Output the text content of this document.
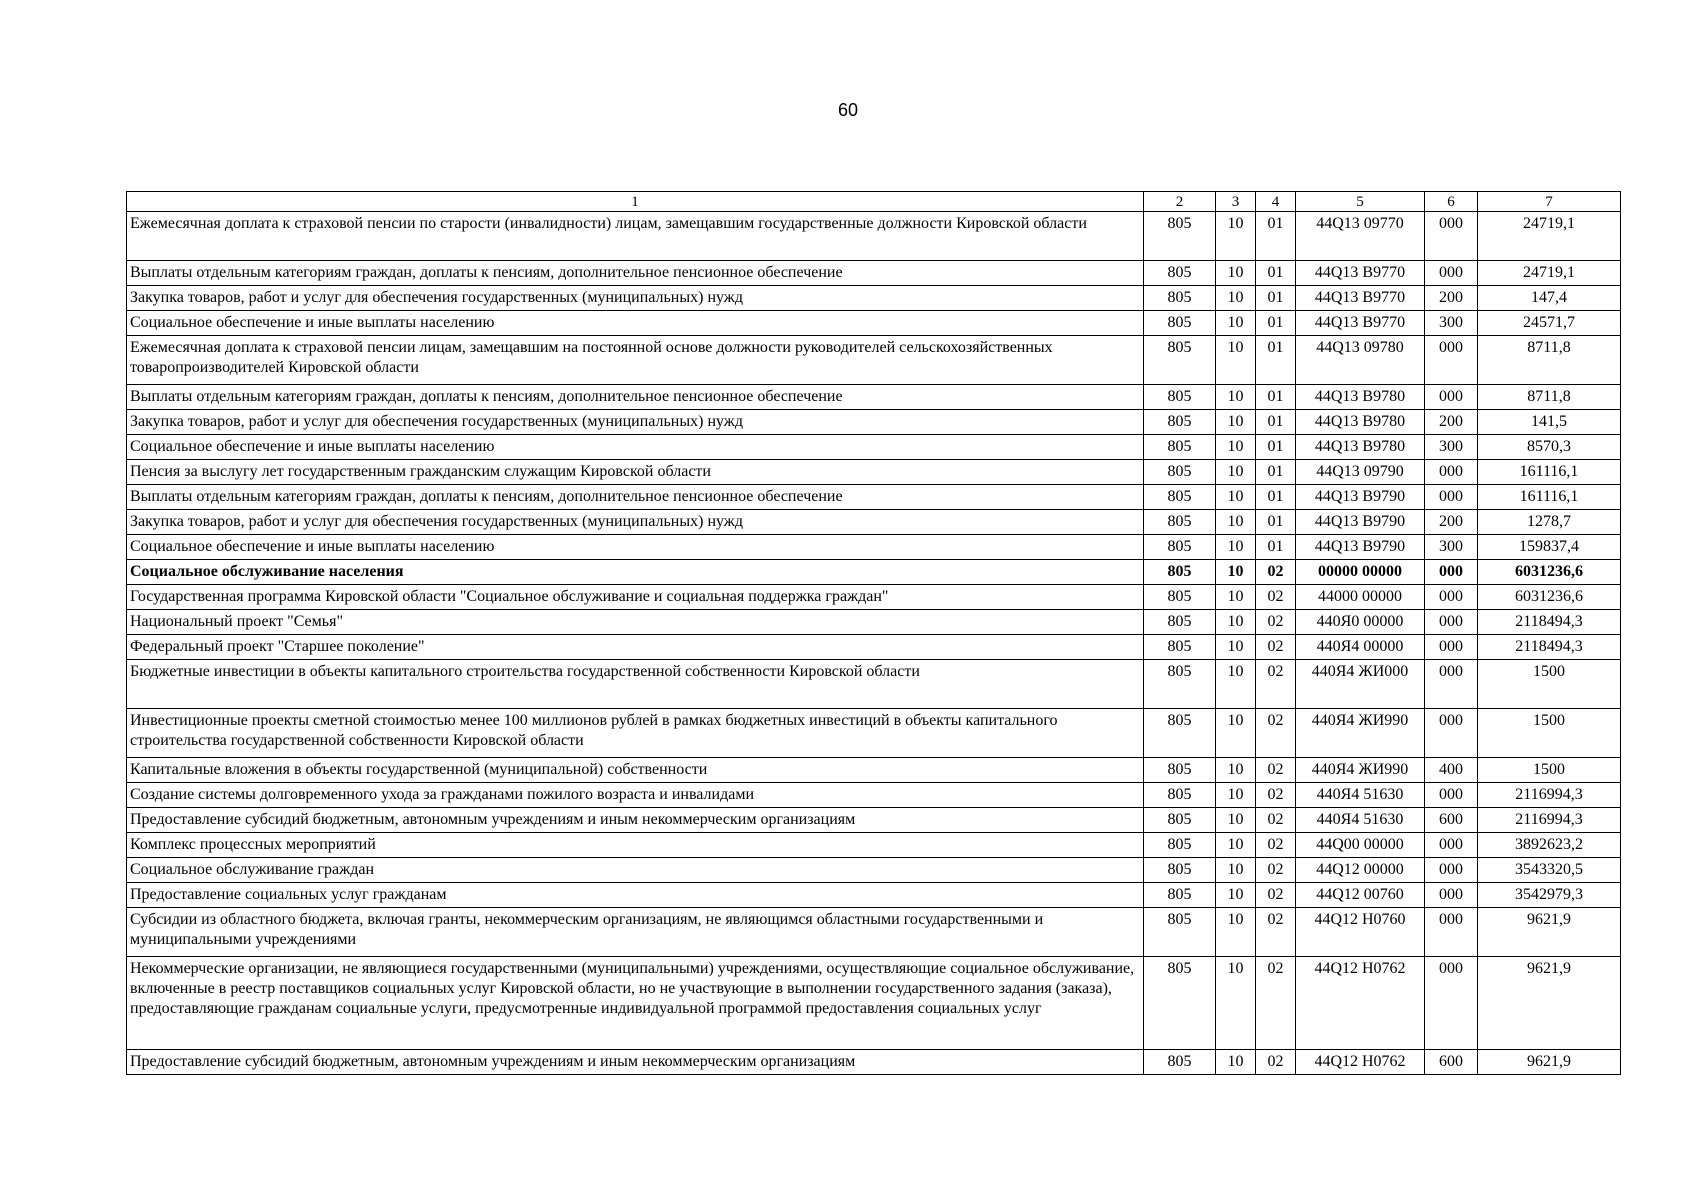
60
1	2	3	4	5	6	7
Ежемесячная доплата к страховой пенсии по старости (инвалидности) лицам, замещавшим государственные должности Кировской области	805	10	01	44Q13 09770	000	24719,1
Выплаты отдельным категориям граждан, доплаты к пенсиям, дополнительное пенсионное обеспечение	805	10	01	44Q13 B9770	000	24719,1
Закупка товаров, работ и услуг для обеспечения государственных (муниципальных) нужд	805	10	01	44Q13 B9770	200	147,4
Социальное обеспечение и иные выплаты населению	805	10	01	44Q13 B9770	300	24571,7
Ежемесячная доплата к страховой пенсии лицам, замещавшим на постоянной основе должности руководителей сельскохозяйственных товаропроизводителей Кировской области	805	10	01	44Q13 09780	000	8711,8
Выплаты отдельным категориям граждан, доплаты к пенсиям, дополнительное пенсионное обеспечение	805	10	01	44Q13 B9780	000	8711,8
Закупка товаров, работ и услуг для обеспечения государственных (муниципальных) нужд	805	10	01	44Q13 B9780	200	141,5
Социальное обеспечение и иные выплаты населению	805	10	01	44Q13 B9780	300	8570,3
Пенсия за выслугу лет государственным гражданским служащим Кировской области	805	10	01	44Q13 09790	000	161116,1
Выплаты отдельным категориям граждан, доплаты к пенсиям, дополнительное пенсионное обеспечение	805	10	01	44Q13 B9790	000	161116,1
Закупка товаров, работ и услуг для обеспечения государственных (муниципальных) нужд	805	10	01	44Q13 B9790	200	1278,7
Социальное обеспечение и иные выплаты населению	805	10	01	44Q13 B9790	300	159837,4
Социальное обслуживание населения	805	10	02	00000 00000	000	6031236,6
Государственная программа Кировской области "Социальное обслуживание и социальная поддержка граждан"	805	10	02	44000 00000	000	6031236,6
Национальный проект "Семья"	805	10	02	440Я0 00000	000	2118494,3
Федеральный проект "Старшее поколение"	805	10	02	440Я4 00000	000	2118494,3
Бюджетные инвестиции в объекты капитального строительства государственной собственности Кировской области	805	10	02	440Я4 ЖИ000	000	1500
Инвестиционные проекты сметной стоимостью менее 100 миллионов рублей в рамках бюджетных инвестиций в объекты капитального строительства государственной собственности Кировской области	805	10	02	440Я4 ЖИ990	000	1500
Капитальные вложения в объекты государственной (муниципальной) собственности	805	10	02	440Я4 ЖИ990	400	1500
Создание системы долговременного ухода за гражданами пожилого возраста и инвалидами	805	10	02	440Я4 51630	000	2116994,3
Предоставление субсидий бюджетным, автономным учреждениям и иным некоммерческим организациям	805	10	02	440Я4 51630	600	2116994,3
Комплекс процессных мероприятий	805	10	02	44Q00 00000	000	3892623,2
Социальное обслуживание граждан	805	10	02	44Q12 00000	000	3543320,5
Предоставление социальных услуг гражданам	805	10	02	44Q12 00760	000	3542979,3
Субсидии из областного бюджета, включая гранты, некоммерческим организациям, не являющимся областными государственными и муниципальными учреждениями	805	10	02	44Q12 H0760	000	9621,9
Некоммерческие организации, не являющиеся государственными (муниципальными) учреждениями, осуществляющие социальное обслуживание, включенные в реестр поставщиков социальных услуг Кировской области, но не участвующие в выполнении государственного задания (заказа), предоставляющие гражданам социальные услуги, предусмотренные индивидуальной программой предоставления социальных услуг	805	10	02	44Q12 H0762	000	9621,9
Предоставление субсидий бюджетным, автономным учреждениям и иным некоммерческим организациям	805	10	02	44Q12 H0762	600	9621,9
